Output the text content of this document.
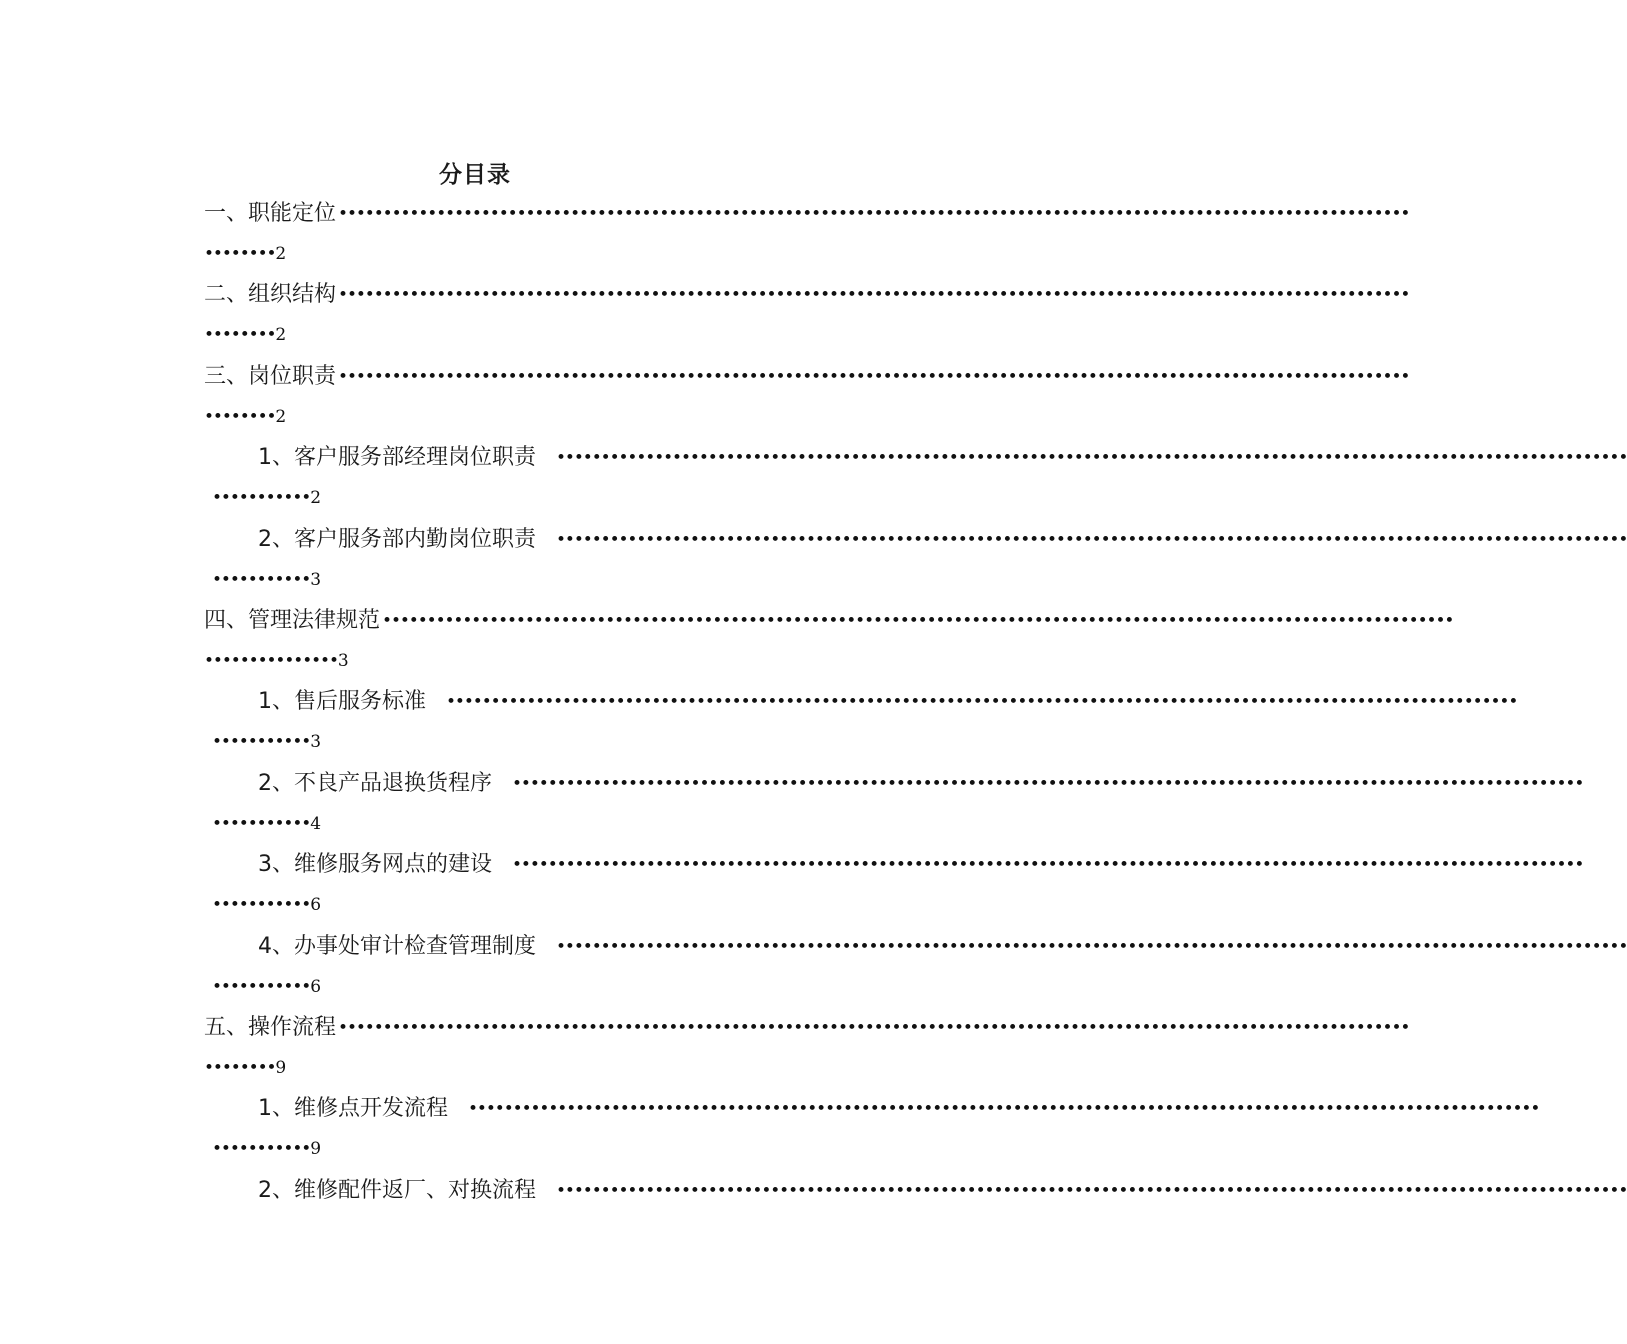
分目录
一、职能定位 ••••••••••••••••••••••••••••••••••••••••••••••••••••••••••••••••••••••••••••••••••••••••••••••••••••••••••••••••••••••••
••••••••2
二、组织结构 ••••••••••••••••••••••••••••••••••••••••••••••••••••••••••••••••••••••••••••••••••••••••••••••••••••••••••••••••••••••••
••••••••2
三、岗位职责 ••••••••••••••••••••••••••••••••••••••••••••••••••••••••••••••••••••••••••••••••••••••••••••••••••••••••••••••••••••••••
••••••••2
1、客户服务部经理岗位职责	••••••••••••••••••••••••••••••••••••••••••••••••••••••••••••••••••••••••••••••••••••••••••••••••••••••••••••••••••••••••
•••••••••••2
2、客户服务部内勤岗位职责	••••••••••••••••••••••••••••••••••••••••••••••••••••••••••••••••••••••••••••••••••••••••••••••••••••••••••••••••••••••••
•••••••••••3
四、管理法律规范 ••••••••••••••••••••••••••••••••••••••••••••••••••••••••••••••••••••••••••••••••••••••••••••••••••••••••••••••••••••••••
•••••••••••••••3
1、售后服务标准	••••••••••••••••••••••••••••••••••••••••••••••••••••••••••••••••••••••••••••••••••••••••••••••••••••••••••••••••••••••••
•••••••••••3
2、不良产品退换货程序	••••••••••••••••••••••••••••••••••••••••••••••••••••••••••••••••••••••••••••••••••••••••••••••••••••••••••••••••••••••••
•••••••••••4
3、维修服务网点的建设	••••••••••••••••••••••••••••••••••••••••••••••••••••••••••••••••••••••••••••••••••••••••••••••••••••••••••••••••••••••••
•••••••••••6
4、办事处审计检查管理制度	••••••••••••••••••••••••••••••••••••••••••••••••••••••••••••••••••••••••••••••••••••••••••••••••••••••••••••••••••••••••
•••••••••••6
五、操作流程 ••••••••••••••••••••••••••••••••••••••••••••••••••••••••••••••••••••••••••••••••••••••••••••••••••••••••••••••••••••••••
••••••••9
1、维修点开发流程	••••••••••••••••••••••••••••••••••••••••••••••••••••••••••••••••••••••••••••••••••••••••••••••••••••••••••••••••••••••••
•••••••••••9
2、维修配件返厂、对换流程	••••••••••••••••••••••••••••••••••••••••••••••••••••••••••••••••••••••••••••••••••••••••••••••••••••••••••••••••••••••••
